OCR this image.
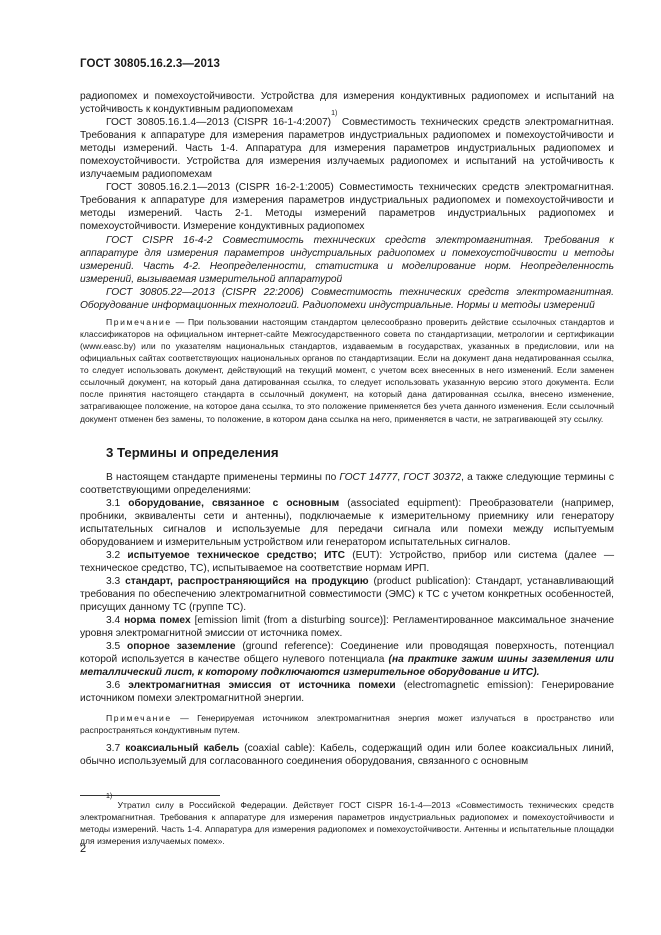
ГОСТ 30805.16.2.3—2013

радиопомех и помехоустойчивости. Устройства для измерения кондуктивных радиопомех и испытаний на устойчивость к кондуктивным радиопомехам

ГОСТ 30805.16.1.4—2013 (CISPR 16-1-4:2007)$^{1)}$ Совместимость технических средств электромагнитная. Требования к аппаратуре для измерения параметров индустриальных радиопомех и помехоустойчивости и методы измерений. Часть 1-4. Аппаратура для измерения параметров индустриальных радиопомех и помехоустойчивости. Устройства для измерения излучаемых радиопомех и испытаний на устойчивость к излучаемым радиопомехам

ГОСТ 30805.16.2.1—2013 (CISPR 16-2-1:2005) Совместимость технических средств электромагнитная. Требования к аппаратуре для измерения параметров индустриальных радиопомех и помехоустойчивости и методы измерений. Часть 2-1. Методы измерений параметров индустриальных радиопомех и помехоустойчивости. Измерение кондуктивных радиопомех

ГОСТ CISPR 16-4-2 Совместимость технических средств электромагнитная. Требования к аппаратуре для измерения параметров индустриальных радиопомех и помехоустойчивости и методы измерений. Часть 4-2. Неопределенности, статистика и моделирование норм. Неопределенность измерений, вызываемая измерительной аппаратурой

ГОСТ 30805.22—2013 (CISPR 22:2006) Совместимость технических средств электромагнитная. Оборудование информационных технологий. Радиопомехи индустриальные. Нормы и методы измерений

Примечание — При пользовании настоящим стандартом целесообразно проверить действие ссылочных стандартов и классификаторов на официальном интернет-сайте Межгосударственного совета по стандартизации, метрологии и сертификации (www.easc.by) или по указателям национальных стандартов, издаваемым в государствах, указанных в предисловии, или на официальных сайтах соответствующих национальных органов по стандартизации. Если на документ дана недатированная ссылка, то следует использовать документ, действующий на текущий момент, с учетом всех внесенных в него изменений. Если заменен ссылочный документ, на который дана датированная ссылка, то следует использовать указанную версию этого документа. Если после принятия настоящего стандарта в ссылочный документ, на который дана датированная ссылка, внесено изменение, затрагивающее положение, на которое дана ссылка, то это положение применяется без учета данного изменения. Если ссылочный документ отменен без замены, то положение, в котором дана ссылка на него, применяется в части, не затрагивающей эту ссылку.

3 Термины и определения

В настоящем стандарте применены термины по ГОСТ 14777, ГОСТ 30372, а также следующие термины с соответствующими определениями:

3.1 оборудование, связанное с основным (associated equipment): Преобразователи (например, пробники, эквиваленты сети и антенны), подключаемые к измерительному приемнику или генератору испытательных сигналов и используемые для передачи сигнала или помехи между испытуемым оборудованием и измерительным устройством или генератором испытательных сигналов.

3.2 испытуемое техническое средство; ИТС (EUT): Устройство, прибор или система (далее — техническое средство, ТС), испытываемое на соответствие нормам ИРП.

3.3 стандарт, распространяющийся на продукцию (product publication): Стандарт, устанавливающий требования по обеспечению электромагнитной совместимости (ЭМС) к ТС с учетом конкретных особенностей, присущих данному ТС (группе ТС).

3.4 норма помех [emission limit (from a disturbing source)]: Регламентированное максимальное значение уровня электромагнитной эмиссии от источника помех.

3.5 опорное заземление (ground reference): Соединение или проводящая поверхность, потенциал которой используется в качестве общего нулевого потенциала (на практике зажим шины заземления или металлический лист, к которому подключаются измерительное оборудование и ИТС).

3.6 электромагнитная эмиссия от источника помехи (electromagnetic emission): Генерирование источником помехи электромагнитной энергии.

Примечание — Генерируемая источником электромагнитная энергия может излучаться в пространство или распространяться кондуктивным путем.

3.7 коаксиальный кабель (coaxial cable): Кабель, содержащий один или более коаксиальных линий, обычно используемый для согласованного соединения оборудования, связанного с основным

$^{1)}$ Утратил силу в Российской Федерации. Действует ГОСТ CISPR 16-1-4—2013 «Совместимость технических средств электромагнитная. Требования к аппаратуре для измерения параметров индустриальных радиопомех и помехоустойчивости и методы измерений. Часть 1-4. Аппаратура для измерения радиопомех и помехоустойчивости. Антенны и испытательные площадки для измерения излучаемых помех».
2
